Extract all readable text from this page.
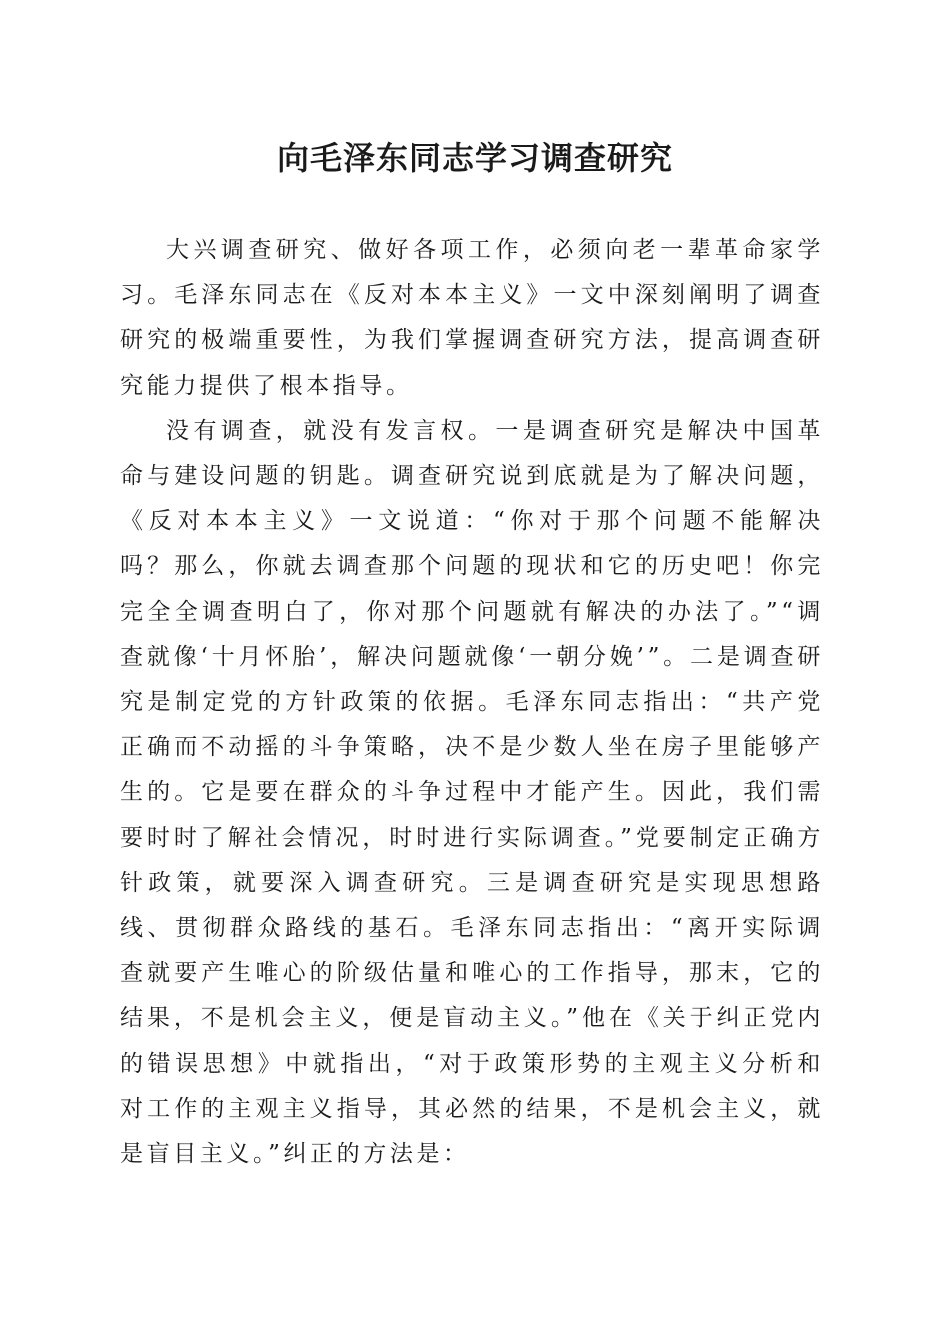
向毛泽东同志学习调查研究

大兴调查研究、做好各项工作，必须向老一辈革命家学习。毛泽东同志在《反对本本主义》一文中深刻阐明了调查研究的极端重要性，为我们掌握调查研究方法，提高调查研究能力提供了根本指导。

没有调查，就没有发言权。一是调查研究是解决中国革命与建设问题的钥匙。调查研究说到底就是为了解决问题，《反对本本主义》一文说道：“你对于那个问题不能解决吗？那么，你就去调查那个问题的现状和它的历史吧！你完完全全调查明白了，你对那个问题就有解决的办法了。”“调查就像‘十月怀胎’，解决问题就像‘一朝分娩’”。二是调查研究是制定党的方针政策的依据。毛泽东同志指出：“共产党正确而不动摇的斗争策略，决不是少数人坐在房子里能够产生的。它是要在群众的斗争过程中才能产生。因此，我们需要时时了解社会情况，时时进行实际调查。”党要制定正确方针政策，就要深入调查研究。三是调查研究是实现思想路线、贯彻群众路线的基石。毛泽东同志指出：“离开实际调查就要产生唯心的阶级估量和唯心的工作指导，那末，它的结果，不是机会主义，便是盲动主义。”他在《关于纠正党内的错误思想》中就指出，“对于政策形势的主观主义分析和对工作的主观主义指导，其必然的结果，不是机会主义，就是盲目主义。”纠正的方法是：
